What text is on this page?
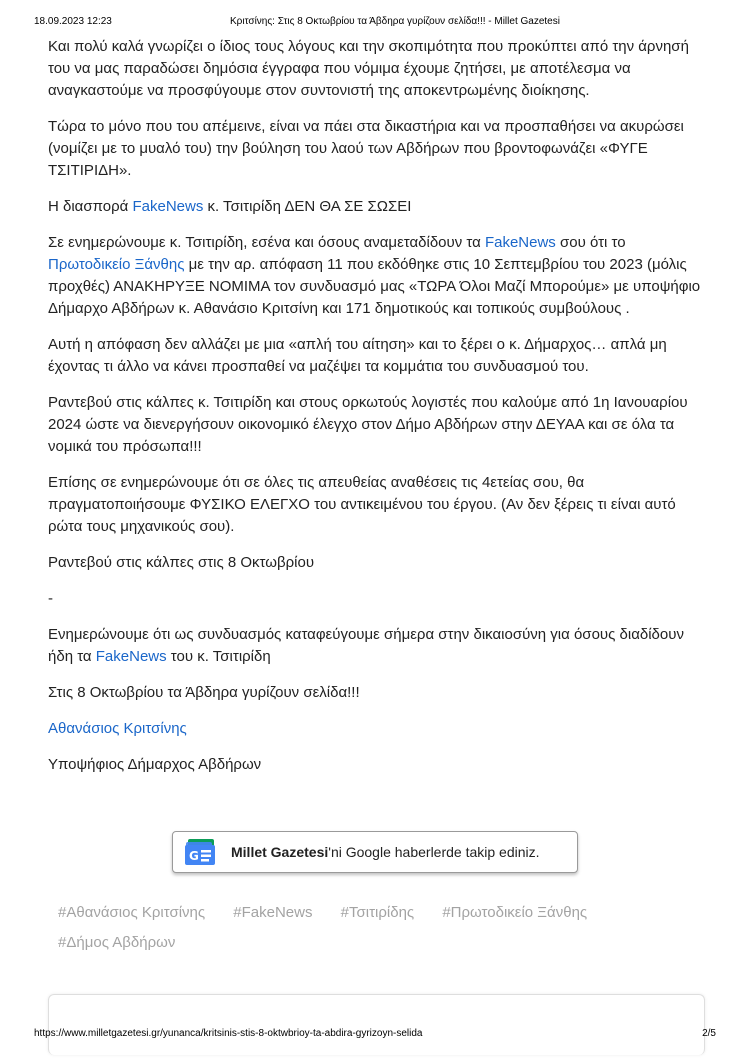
18.09.2023 12:23	Κριτσίνης: Στις 8 Οκτωβρίου τα Άβδηρα γυρίζουν σελίδα!!! - Millet Gazetesi

Και πολύ καλά γνωρίζει ο ίδιος τους λόγους και την σκοπιμότητα που προκύπτει από την άρνησή του να μας παραδώσει δημόσια έγγραφα που νόμιμα έχουμε ζητήσει, με αποτέλεσμα να αναγκαστούμε να προσφύγουμε στον συντονιστή της αποκεντρωμένης διοίκησης.

Τώρα το μόνο που του απέμεινε, είναι να πάει στα δικαστήρια και να προσπαθήσει να ακυρώσει (νομίζει με το μυαλό του) την βούληση του λαού των Αβδήρων που βροντοφωνάζει «ΦΥΓΕ ΤΣΙΤΙΡΙΔΗ».

Η διασπορά FakeNews κ. Τσιτιρίδη ΔΕΝ ΘΑ ΣΕ ΣΩΣΕΙ

Σε ενημερώνουμε κ. Τσιτιρίδη, εσένα και όσους αναμεταδίδουν τα FakeNews σου ότι το Πρωτοδικείο Ξάνθης με την αρ. απόφαση 11 που εκδόθηκε στις 10 Σεπτεμβρίου του 2023 (μόλις προχθές) ΑΝΑΚΗΡΥΞΕ ΝΟΜΙΜΑ τον συνδυασμό μας «ΤΩΡΑ Όλοι Μαζί Μπορούμε» με υποψήφιο Δήμαρχο Αβδήρων κ. Αθανάσιο Κριτσίνη και 171 δημοτικούς και τοπικούς συμβούλους .

Αυτή η απόφαση δεν αλλάζει με μια «απλή του αίτηση» και το ξέρει ο κ. Δήμαρχος… απλά μη έχοντας τι άλλο να κάνει προσπαθεί να μαζέψει τα κομμάτια του συνδυασμού του.

Ραντεβού στις κάλπες κ. Τσιτιρίδη και στους ορκωτούς λογιστές που καλούμε από 1η Ιανουαρίου 2024 ώστε να διενεργήσουν οικονομικό έλεγχο στον Δήμο Αβδήρων στην ΔΕΥΑΑ και σε όλα τα νομικά του πρόσωπα!!!

Επίσης σε ενημερώνουμε ότι σε όλες τις απευθείας αναθέσεις τις 4ετείας σου, θα πραγματοποιήσουμε ΦΥΣΙΚΟ ΕΛΕΓΧΟ του αντικειμένου του έργου. (Αν δεν ξέρεις τι είναι αυτό ρώτα τους μηχανικούς σου).

Ραντεβού στις κάλπες στις 8 Οκτωβρίου

-

Ενημερώνουμε ότι ως συνδυασμός καταφεύγουμε σήμερα στην δικαιοσύνη για όσους διαδίδουν ήδη τα FakeNews του κ. Τσιτιρίδη

Στις 8 Οκτωβρίου τα Άβδηρα γυρίζουν σελίδα!!!

Αθανάσιος Κριτσίνης

Υποψήφιος Δήμαρχος Αβδήρων

G Millet Gazetesi'ni Google haberlerde takip ediniz.
#Αθανάσιος Κριτσίνης #FakeNews #Τσιτιρίδης #Πρωτοδικείο Ξάνθης #Δήμος Αβδήρων
https://www.milletgazetesi.gr/yunanca/kritsinis-stis-8-oktwbrioy-ta-abdira-gyrizoyn-selida	2/5
